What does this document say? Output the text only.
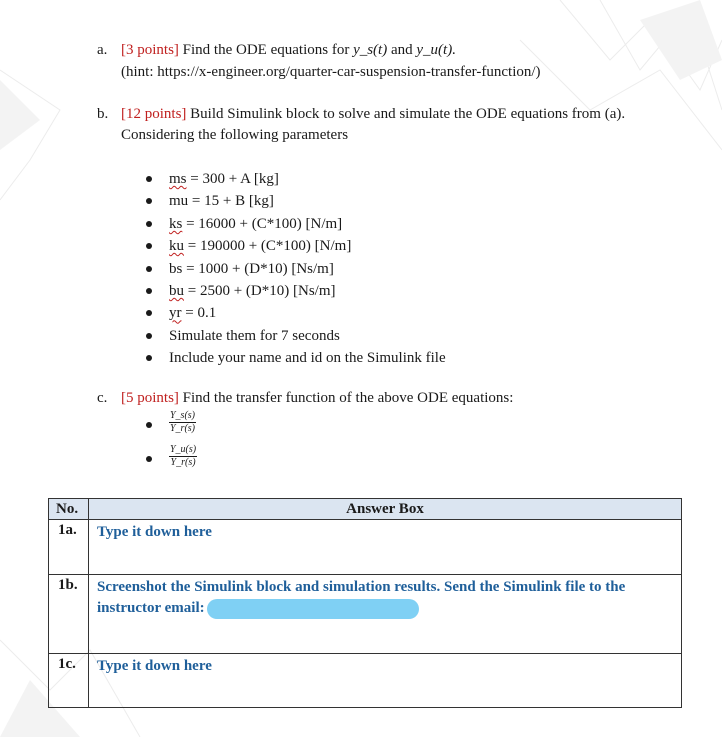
a. [3 points] Find the ODE equations for y_s(t) and y_u(t).
(hint: https://x-engineer.org/quarter-car-suspension-transfer-function/)
b. [12 points] Build Simulink block to solve and simulate the ODE equations from (a).
Considering the following parameters
ms = 300 + A [kg]
mu = 15 + B [kg]
ks = 16000 + (C*100) [N/m]
ku = 190000 + (C*100) [N/m]
bs = 1000 + (D*10) [Ns/m]
bu = 2500 + (D*10) [Ns/m]
yr = 0.1
Simulate them for 7 seconds
Include your name and id on the Simulink file
c. [5 points] Find the transfer function of the above ODE equations:
$\frac{Y\_s(s)}{Y\_r(s)}$
$\frac{Y\_u(s)}{Y\_r(s)}$
No.	Answer Box
1a.	Type it down here
1b.	Screenshot the Simulink block and simulation results. Send the Simulink file to the instructor email:
1c.	Type it down here
